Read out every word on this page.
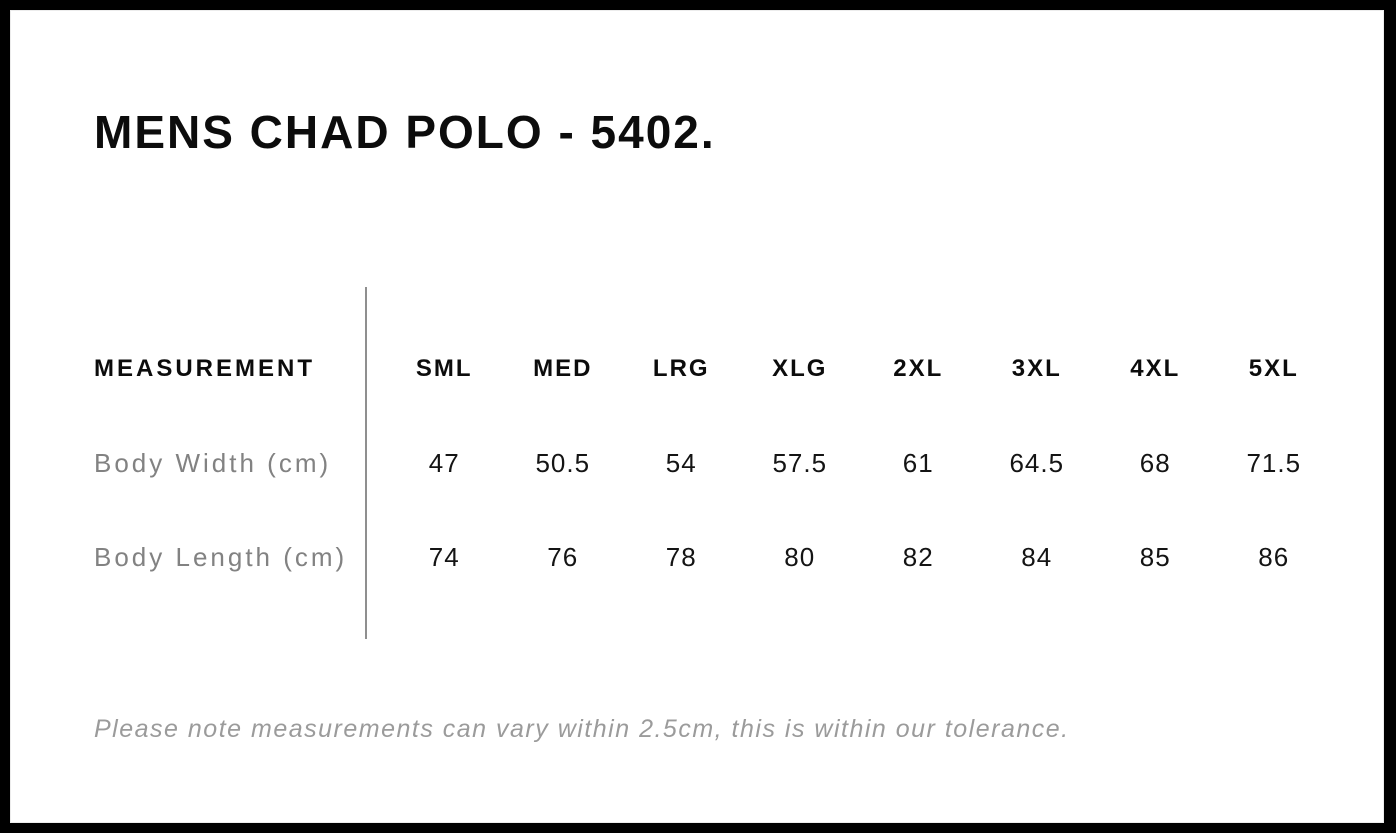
MENS CHAD POLO - 5402.
MEASUREMENT	SML	MED	LRG	XLG	2XL	3XL	4XL	5XL
Body Width (cm)	47	50.5	54	57.5	61	64.5	68	71.5
Body Length (cm)	74	76	78	80	82	84	85	86
Please note measurements can vary within 2.5cm, this is within our tolerance.
